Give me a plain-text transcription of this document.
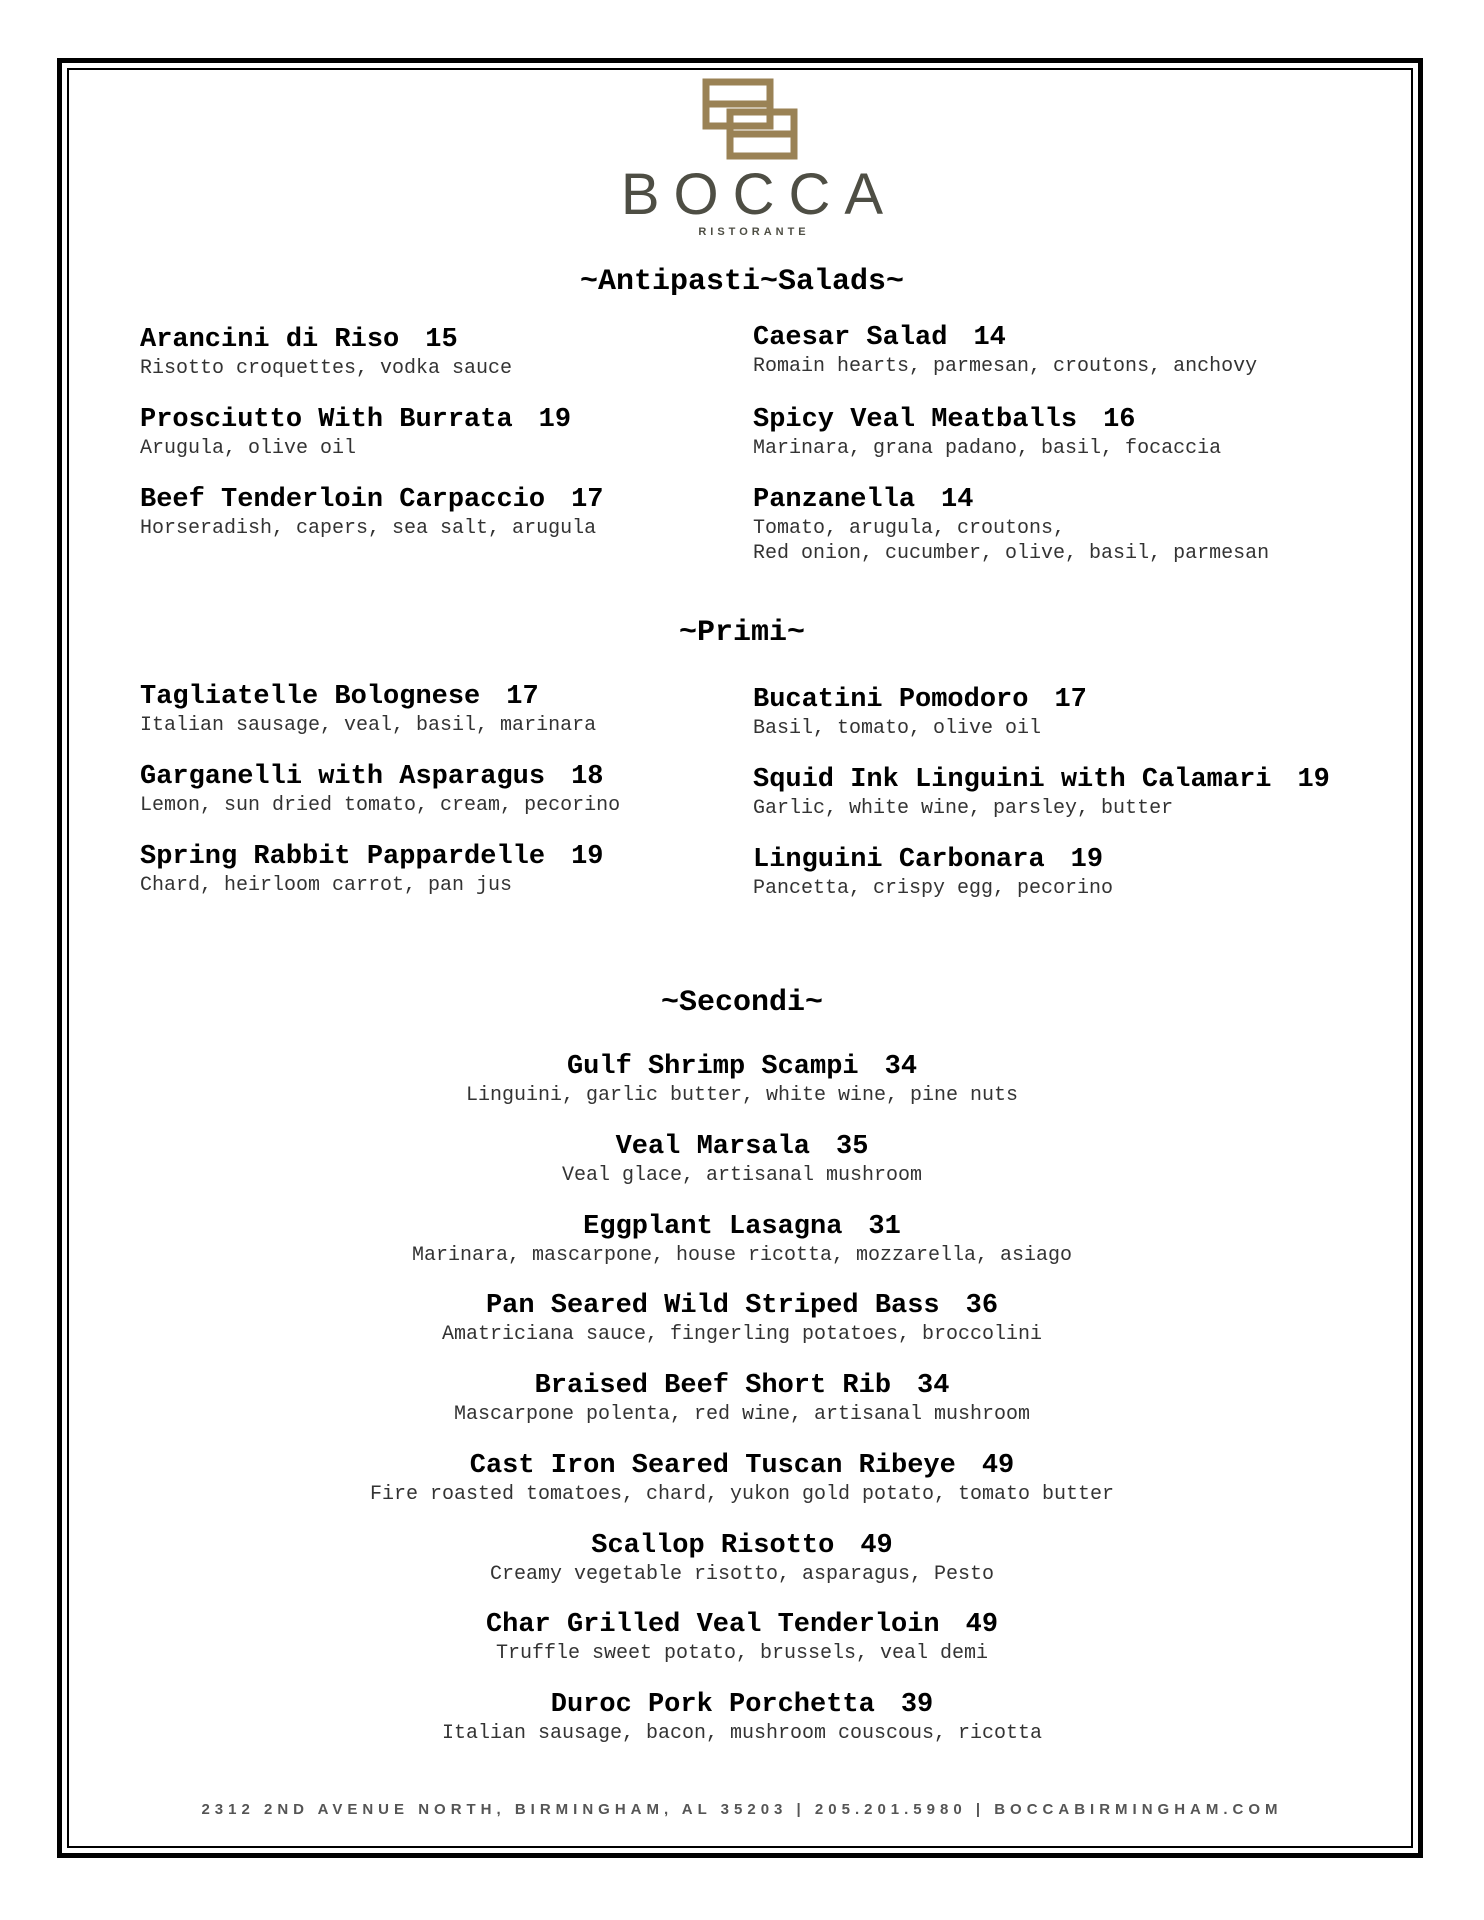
BOCCA
RISTORANTE
~Antipasti~Salads~
Arancini di Riso 15
Risotto croquettes, vodka sauce
Prosciutto With Burrata 19
Arugula, olive oil
Beef Tenderloin Carpaccio 17
Horseradish, capers, sea salt, arugula
Caesar Salad 14
Romain hearts, parmesan, croutons, anchovy
Spicy Veal Meatballs 16
Marinara, grana padano, basil, focaccia
Panzanella 14
Tomato, arugula, croutons,
Red onion, cucumber, olive, basil, parmesan
~Primi~
Tagliatelle Bolognese 17
Italian sausage, veal, basil, marinara
Garganelli with Asparagus 18
Lemon, sun dried tomato, cream, pecorino
Spring Rabbit Pappardelle 19
Chard, heirloom carrot, pan jus
Bucatini Pomodoro 17
Basil, tomato, olive oil
Squid Ink Linguini with Calamari 19
Garlic, white wine, parsley, butter
Linguini Carbonara 19
Pancetta, crispy egg, pecorino
~Secondi~
Gulf Shrimp Scampi 34
Linguini, garlic butter, white wine, pine nuts
Veal Marsala 35
Veal glace, artisanal mushroom
Eggplant Lasagna 31
Marinara, mascarpone, house ricotta, mozzarella, asiago
Pan Seared Wild Striped Bass 36
Amatriciana sauce, fingerling potatoes, broccolini
Braised Beef Short Rib 34
Mascarpone polenta, red wine, artisanal mushroom
Cast Iron Seared Tuscan Ribeye 49
Fire roasted tomatoes, chard, yukon gold potato, tomato butter
Scallop Risotto 49
Creamy vegetable risotto, asparagus, Pesto
Char Grilled Veal Tenderloin 49
Truffle sweet potato, brussels, veal demi
Duroc Pork Porchetta 39
Italian sausage, bacon, mushroom couscous, ricotta
2312 2ND AVENUE NORTH, BIRMINGHAM, AL 35203 | 205.201.5980 | BOCCABIRMINGHAM.COM
